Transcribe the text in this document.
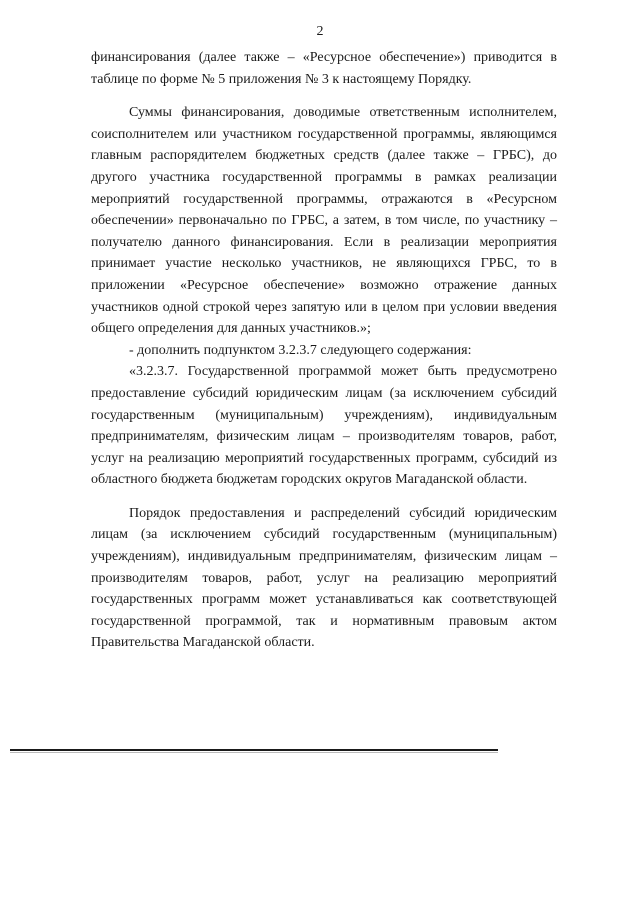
2

финансирования (далее также – «Ресурсное обеспечение») приводится в таблице по форме № 5 приложения № 3 к настоящему Порядку.

Суммы финансирования, доводимые ответственным исполнителем, соисполнителем или участником государственной программы, являющимся главным распорядителем бюджетных средств (далее также – ГРБС), до другого участника государственной программы в рамках реализации мероприятий государственной программы, отражаются в «Ресурсном обеспечении» первоначально по ГРБС, а затем, в том числе, по участнику – получателю данного финансирования. Если в реализации мероприятия принимает участие несколько участников, не являющихся ГРБС, то в приложении «Ресурсное обеспечение» возможно отражение данных участников одной строкой через запятую или в целом при условии введения общего определения для данных участников.»;

- дополнить подпунктом 3.2.3.7 следующего содержания:

«3.2.3.7. Государственной программой может быть предусмотрено предоставление субсидий юридическим лицам (за исключением субсидий государственным (муниципальным) учреждениям), индивидуальным предпринимателям, физическим лицам – производителям товаров, работ, услуг на реализацию мероприятий государственных программ, субсидий из областного бюджета бюджетам городских округов Магаданской области.

Порядок предоставления и распределений субсидий юридическим лицам (за исключением субсидий государственным (муниципальным) учреждениям), индивидуальным предпринимателям, физическим лицам – производителям товаров, работ, услуг на реализацию мероприятий государственных программ может устанавливаться как соответствующей государственной программой, так и нормативным правовым актом Правительства Магаданской области.
